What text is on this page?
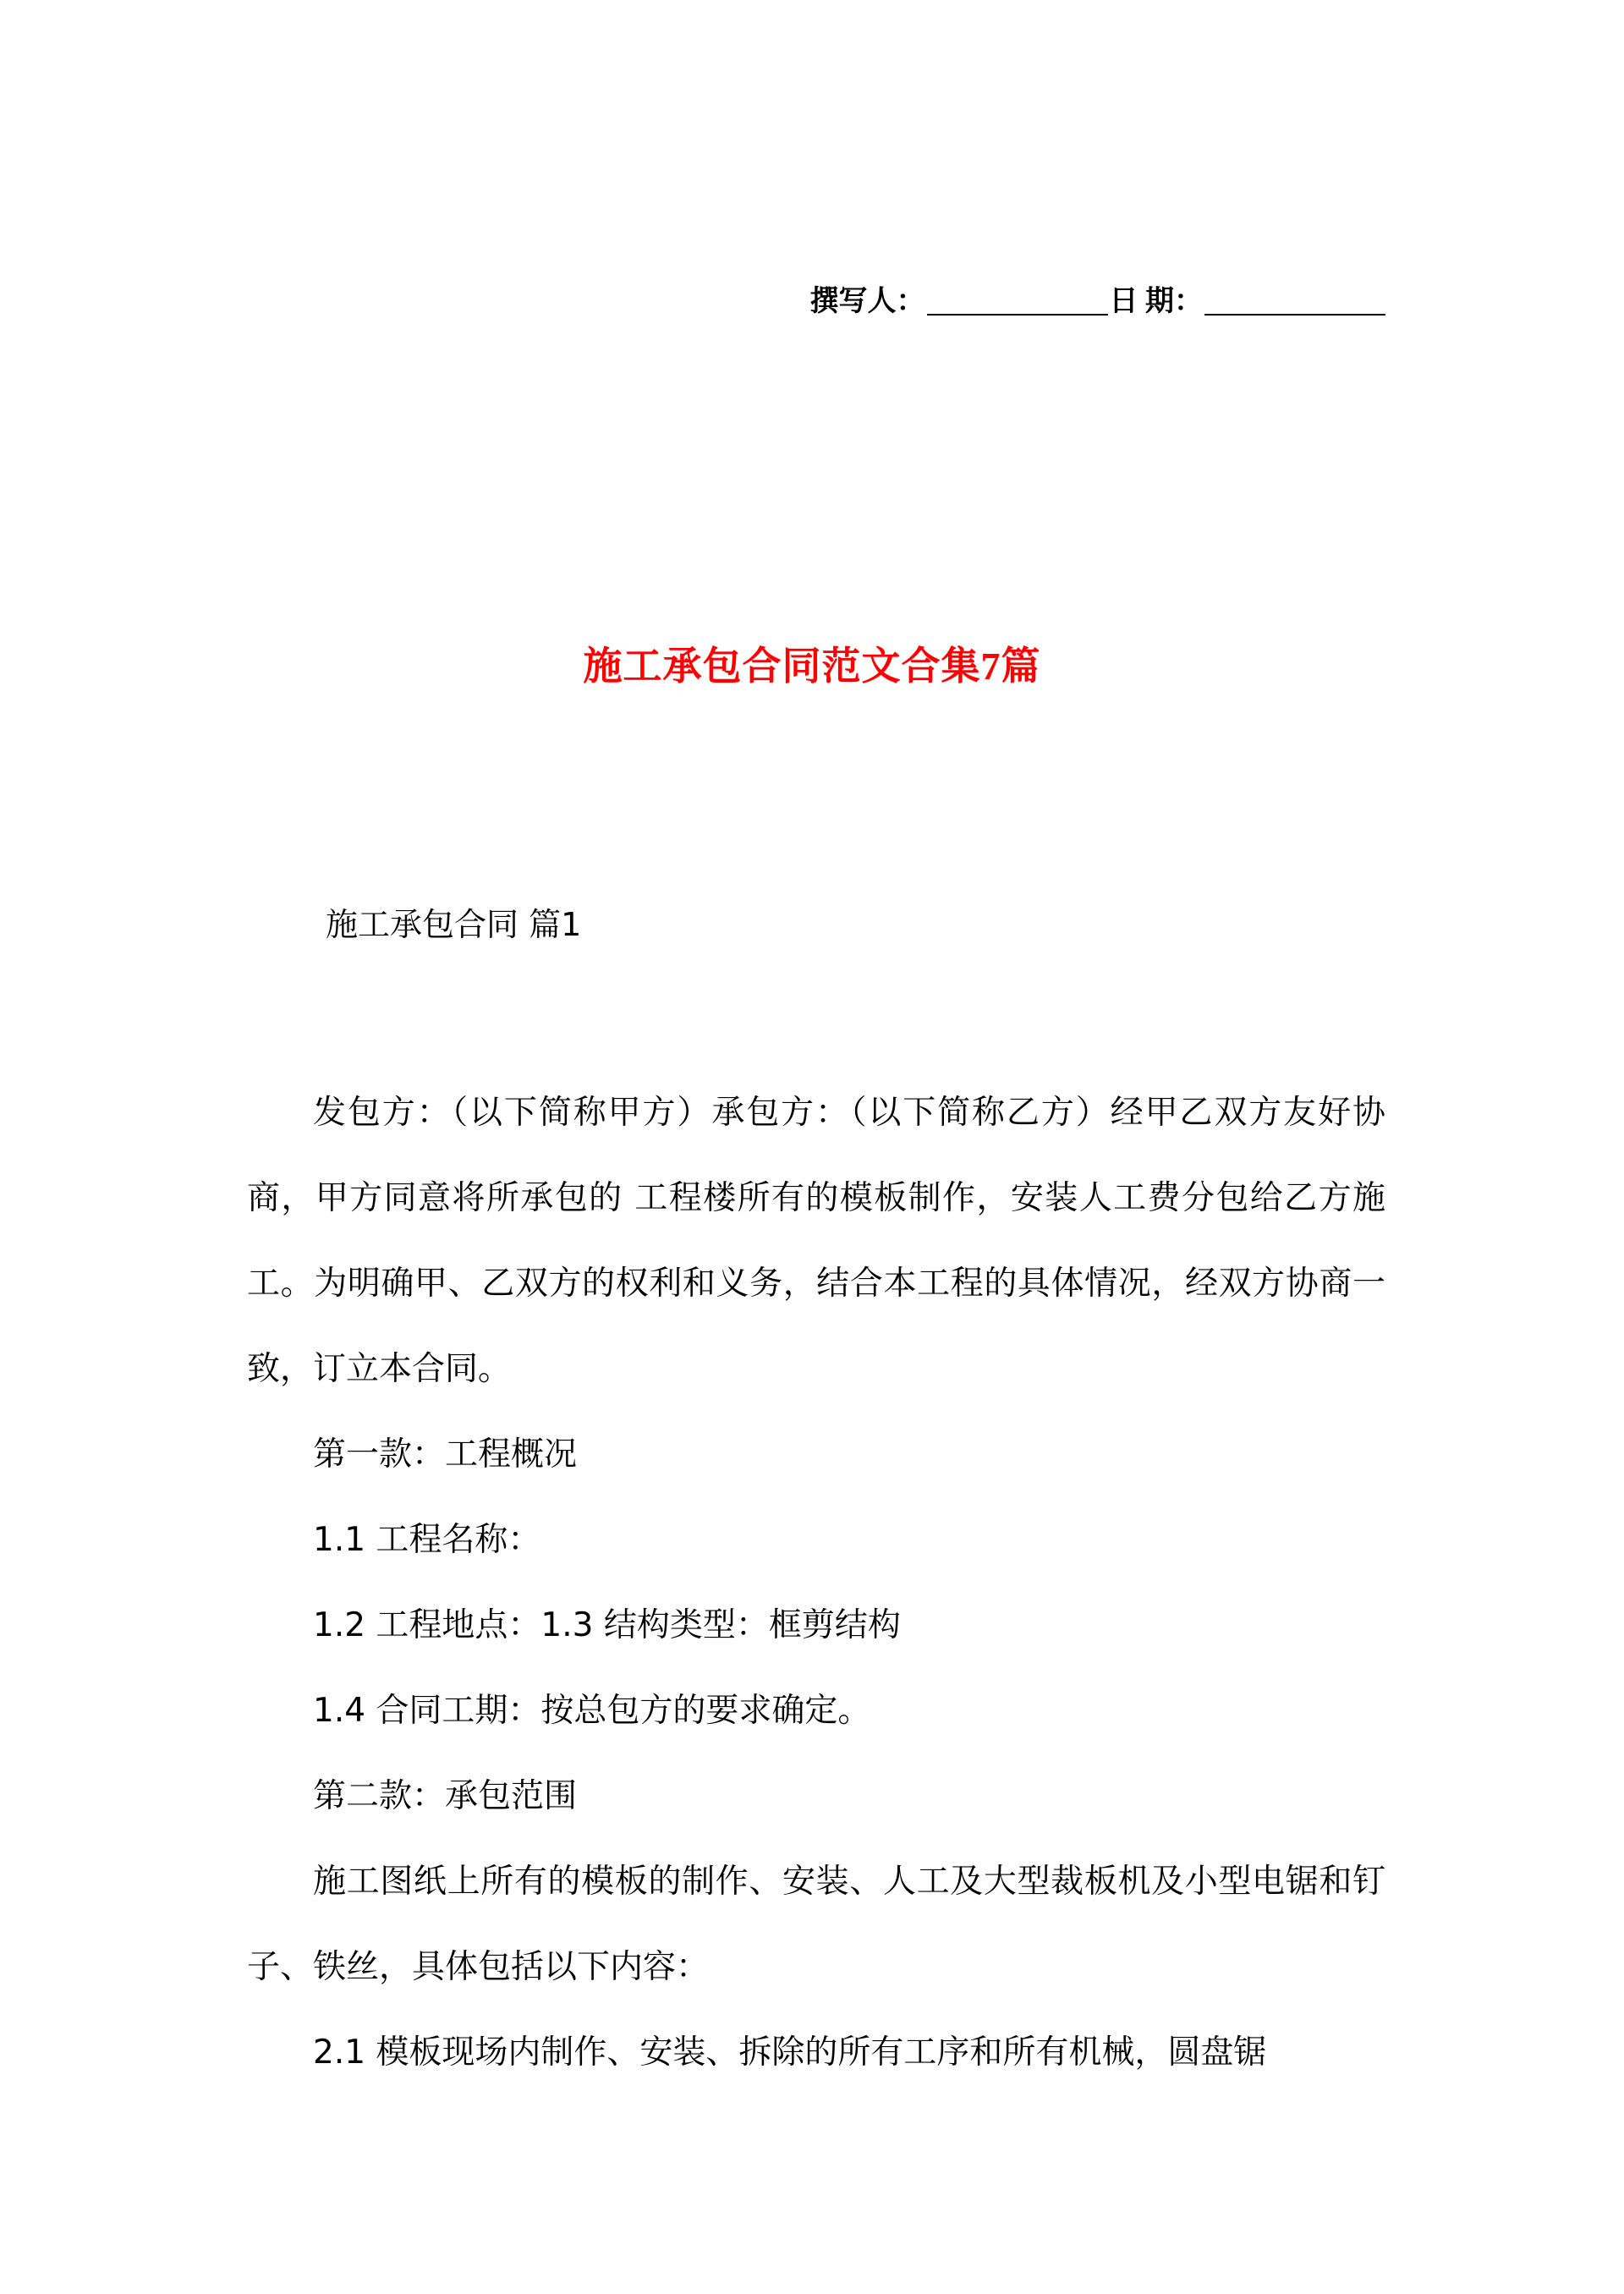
撰写人：	日 期：
施工承包合同范文合集7篇
施工承包合同 篇1

发包方：（以下简称甲方）承包方：（以下简称乙方）经甲乙双方友好协商，甲方同意将所承包的 工程楼所有的模板制作，安装人工费分包给乙方施工。为明确甲、乙双方的权利和义务，结合本工程的具体情况，经双方协商一致，订立本合同。

第一款：工程概况

1.1 工程名称：

1.2 工程地点：1.3 结构类型：框剪结构

1.4 合同工期：按总包方的要求确定。

第二款：承包范围

施工图纸上所有的模板的制作、安装、人工及大型裁板机及小型电锯和钉子、铁丝，具体包括以下内容：

2.1 模板现场内制作、安装、拆除的所有工序和所有机械，圆盘锯
